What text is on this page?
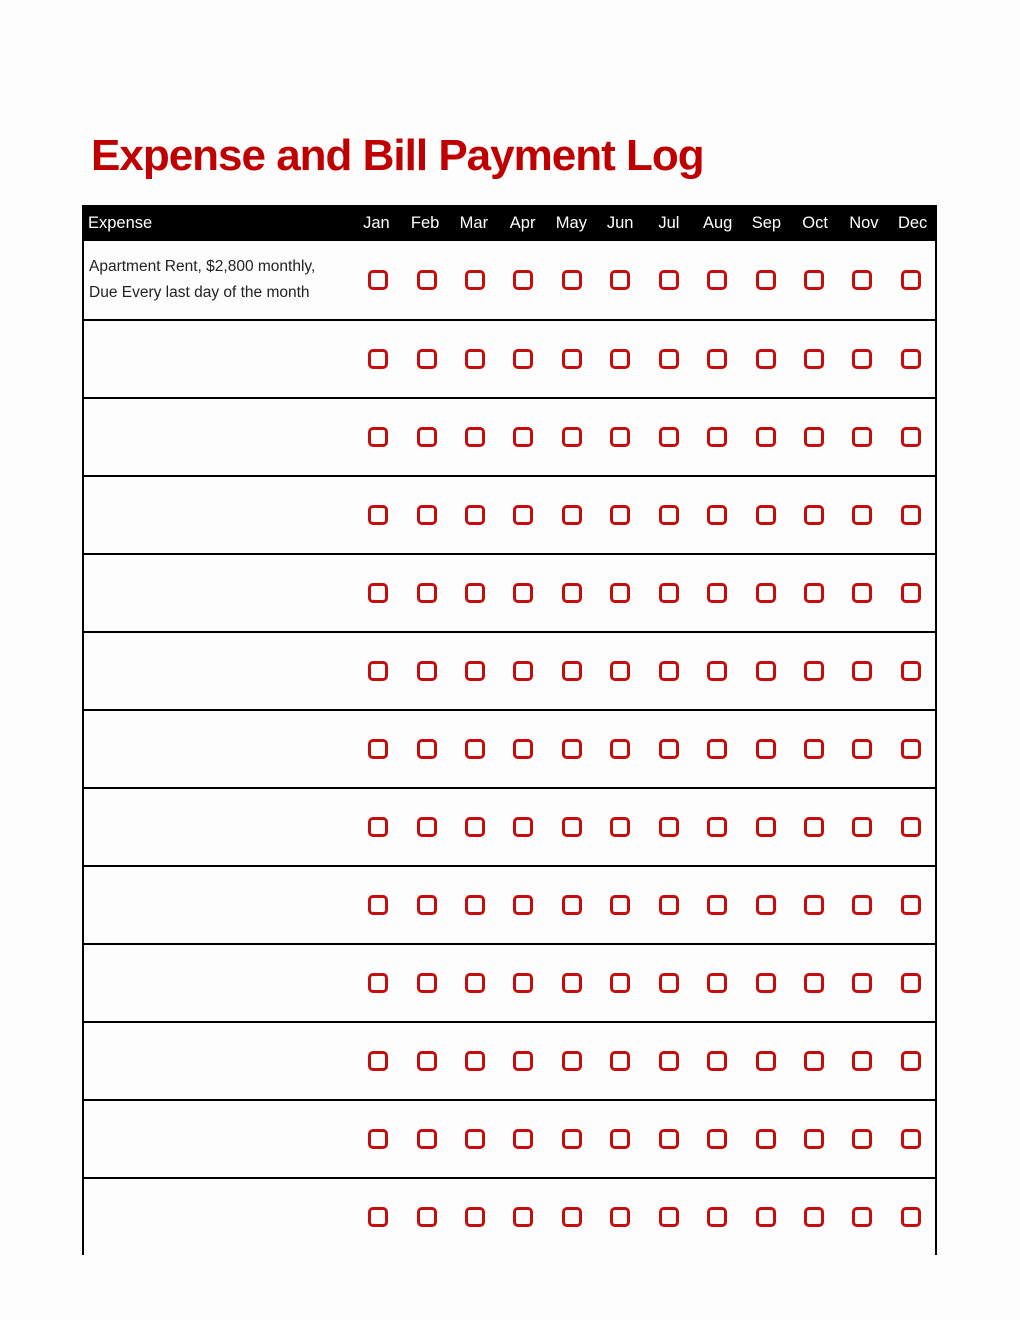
Expense and Bill Payment Log
Expense	Jan	Feb	Mar	Apr	May	Jun	Jul	Aug	Sep	Oct	Nov	Dec
Apartment Rent, $2,800 monthly, Due Every last day of the month
